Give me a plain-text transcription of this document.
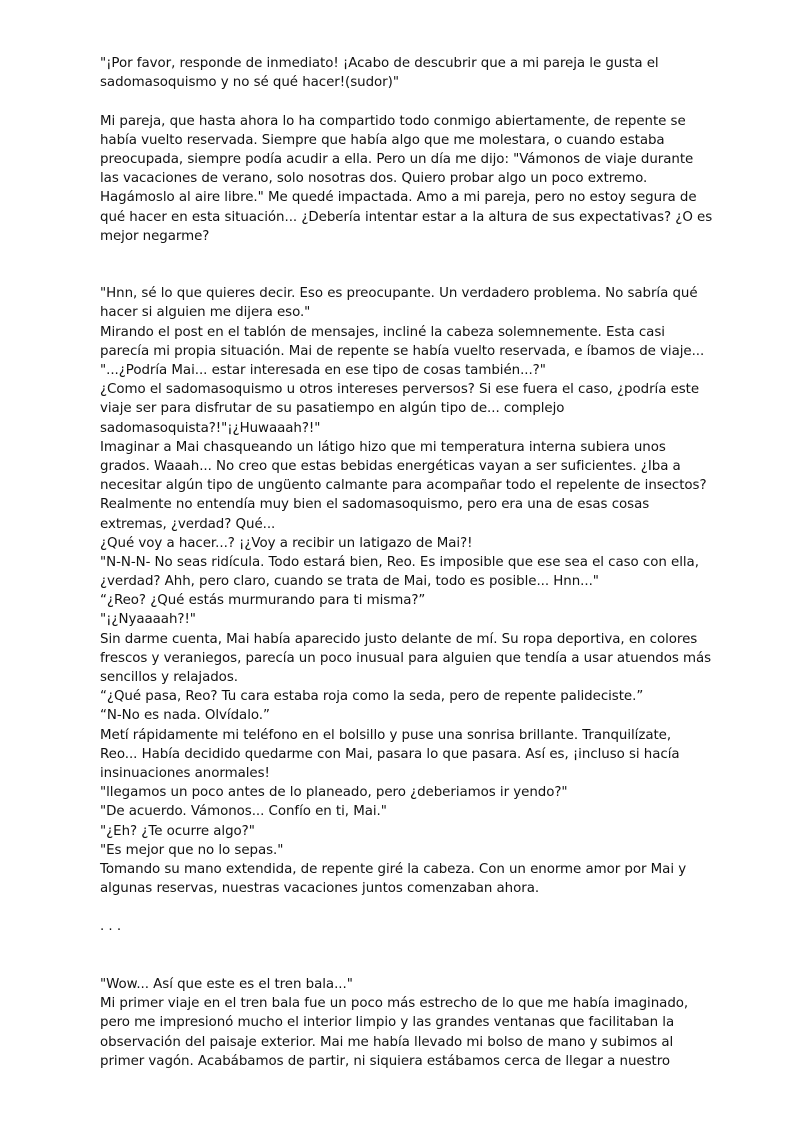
"¡Por favor, responde de inmediato! ¡Acabo de descubrir que a mi pareja le gusta el
sadomasoquismo y no sé qué hacer!(sudor)"
Mi pareja, que hasta ahora lo ha compartido todo conmigo abiertamente, de repente se
había vuelto reservada. Siempre que había algo que me molestara, o cuando estaba
preocupada, siempre podía acudir a ella. Pero un día me dijo: "Vámonos de viaje durante
las vacaciones de verano, solo nosotras dos. Quiero probar algo un poco extremo.
Hagámoslo al aire libre." Me quedé impactada. Amo a mi pareja, pero no estoy segura de
qué hacer en esta situación... ¿Debería intentar estar a la altura de sus expectativas? ¿O es
mejor negarme?
"Hnn, sé lo que quieres decir. Eso es preocupante. Un verdadero problema. No sabría qué
hacer si alguien me dijera eso."
Mirando el post en el tablón de mensajes, incliné la cabeza solemnemente. Esta casi
parecía mi propia situación. Mai de repente se había vuelto reservada, e íbamos de viaje...
"...¿Podría Mai... estar interesada en ese tipo de cosas también...?"
¿Como el sadomasoquismo u otros intereses perversos? Si ese fuera el caso, ¿podría este
viaje ser para disfrutar de su pasatiempo en algún tipo de... complejo
sadomasoquista?!"¡¿Huwaaah?!"
Imaginar a Mai chasqueando un látigo hizo que mi temperatura interna subiera unos
grados. Waaah... No creo que estas bebidas energéticas vayan a ser suficientes. ¿Iba a
necesitar algún tipo de ungüento calmante para acompañar todo el repelente de insectos?
Realmente no entendía muy bien el sadomasoquismo, pero era una de esas cosas
extremas, ¿verdad? Qué...
¿Qué voy a hacer...? ¡¿Voy a recibir un latigazo de Mai?!
"N-N-N- No seas ridícula. Todo estará bien, Reo. Es imposible que ese sea el caso con ella,
¿verdad? Ahh, pero claro, cuando se trata de Mai, todo es posible... Hnn..."
“¿Reo? ¿Qué estás murmurando para ti misma?”
"¡¿Nyaaaah?!"
Sin darme cuenta, Mai había aparecido justo delante de mí. Su ropa deportiva, en colores
frescos y veraniegos, parecía un poco inusual para alguien que tendía a usar atuendos más
sencillos y relajados.
“¿Qué pasa, Reo? Tu cara estaba roja como la seda, pero de repente palideciste.”
“N-No es nada. Olvídalo.”
Metí rápidamente mi teléfono en el bolsillo y puse una sonrisa brillante. Tranquilízate,
Reo... Había decidido quedarme con Mai, pasara lo que pasara. Así es, ¡incluso si hacía
insinuaciones anormales!
"llegamos un poco antes de lo planeado, pero ¿deberiamos ir yendo?"
"De acuerdo. Vámonos... Confío en ti, Mai."
"¿Eh? ¿Te ocurre algo?"
"Es mejor que no lo sepas."
Tomando su mano extendida, de repente giré la cabeza. Con un enorme amor por Mai y
algunas reservas, nuestras vacaciones juntos comenzaban ahora.
. . .
"Wow... Así que este es el tren bala..."
Mi primer viaje en el tren bala fue un poco más estrecho de lo que me había imaginado,
pero me impresionó mucho el interior limpio y las grandes ventanas que facilitaban la
observación del paisaje exterior. Mai me había llevado mi bolso de mano y subimos al
primer vagón. Acabábamos de partir, ni siquiera estábamos cerca de llegar a nuestro
